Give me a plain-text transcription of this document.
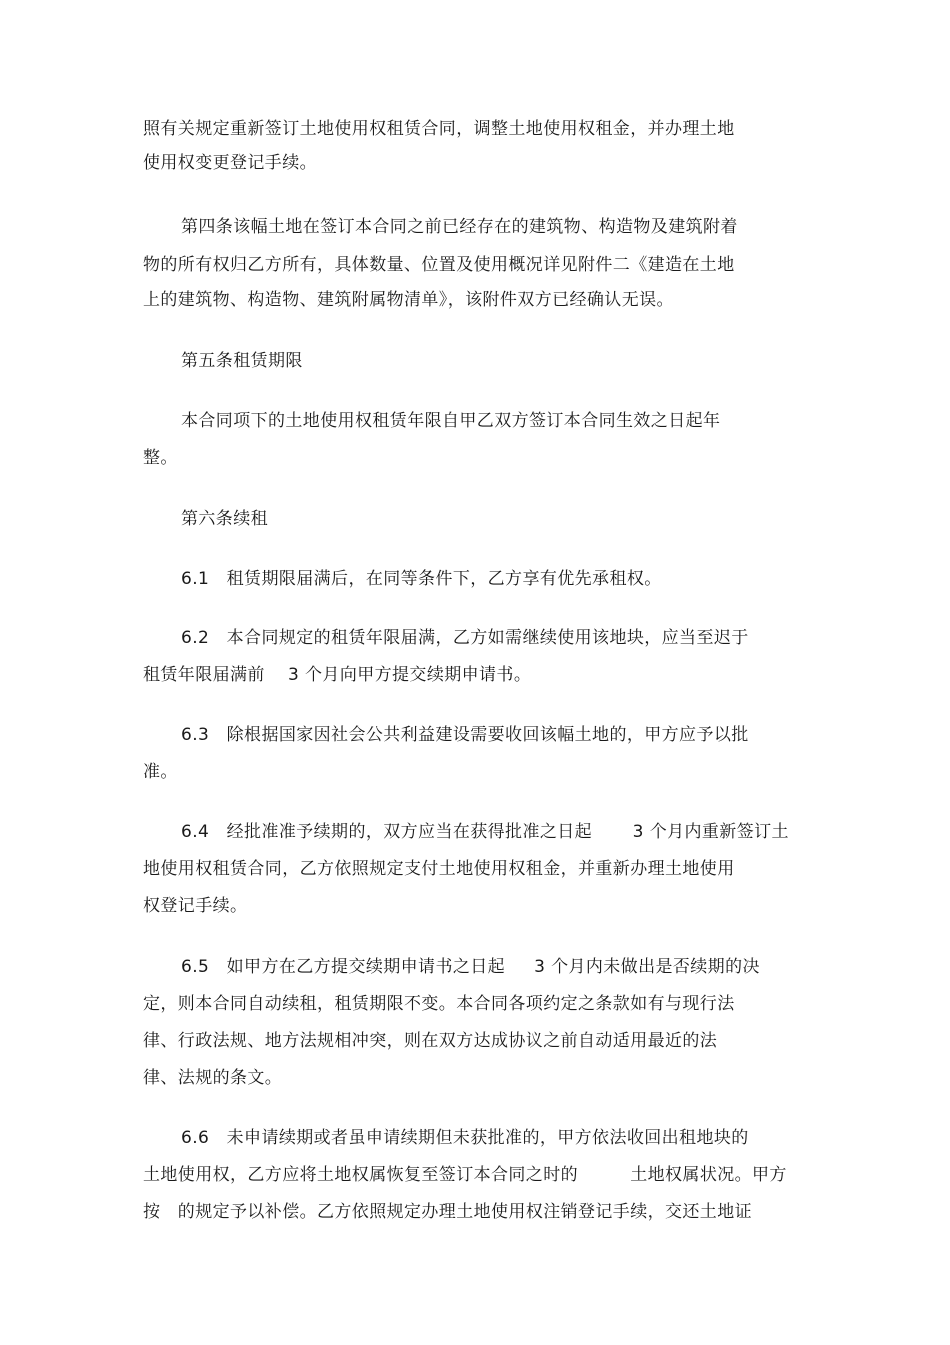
照有关规定重新签订土地使用权租赁合同，调整土地使用权租金，并办理土地
使用权变更登记手续。
第四条该幅土地在签订本合同之前已经存在的建筑物、构造物及建筑附着
物的所有权归乙方所有，具体数量、位置及使用概况详见附件二《建造在土地
上的建筑物、构造物、建筑附属物清单》，该附件双方已经确认无误。
第五条租赁期限
本合同项下的土地使用权租赁年限自甲乙双方签订本合同生效之日起年
整。
第六条续租
6.1   租赁期限届满后，在同等条件下，乙方享有优先承租权。
6.2   本合同规定的租赁年限届满，乙方如需继续使用该地块，应当至迟于
租赁年限届满前    3 个月向甲方提交续期申请书。
6.3   除根据国家因社会公共利益建设需要收回该幅土地的，甲方应予以批
准。
6.4   经批准准予续期的，双方应当在获得批准之日起       3 个月内重新签订土
地使用权租赁合同，乙方依照规定支付土地使用权租金，并重新办理土地使用
权登记手续。
6.5   如甲方在乙方提交续期申请书之日起     3 个月内未做出是否续期的决
定，则本合同自动续租，租赁期限不变。本合同各项约定之条款如有与现行法
律、行政法规、地方法规相冲突，则在双方达成协议之前自动适用最近的法
律、法规的条文。
6.6   未申请续期或者虽申请续期但未获批准的，甲方依法收回出租地块的
土地使用权，乙方应将土地权属恢复至签订本合同之时的         土地权属状况。甲方
按   的规定予以补偿。乙方依照规定办理土地使用权注销登记手续，交还土地证
